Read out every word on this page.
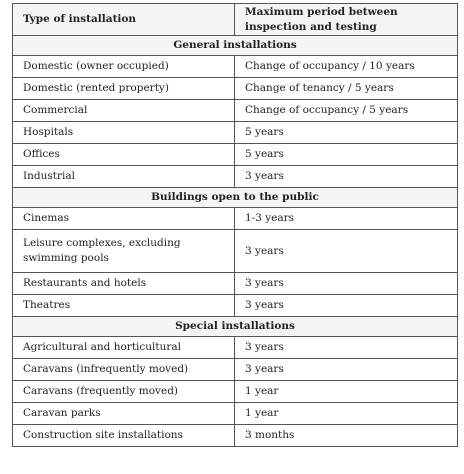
Type of installation	Maximum period between inspection and testing
General installations	
Domestic (owner occupied)	Change of occupancy / 10 years
Domestic (rented property)	Change of tenancy / 5 years
Commercial	Change of occupancy / 5 years
Hospitals	5 years
Offices	5 years
Industrial	3 years
Buildings open to the public	
Cinemas	1-3 years
Leisure complexes, excluding swimming pools	3 years
Restaurants and hotels	3 years
Theatres	3 years
Special installations	
Agricultural and horticultural	3 years
Caravans (infrequently moved)	3 years
Caravans (frequently moved)	1 year
Caravan parks	1 year
Construction site installations	3 months
